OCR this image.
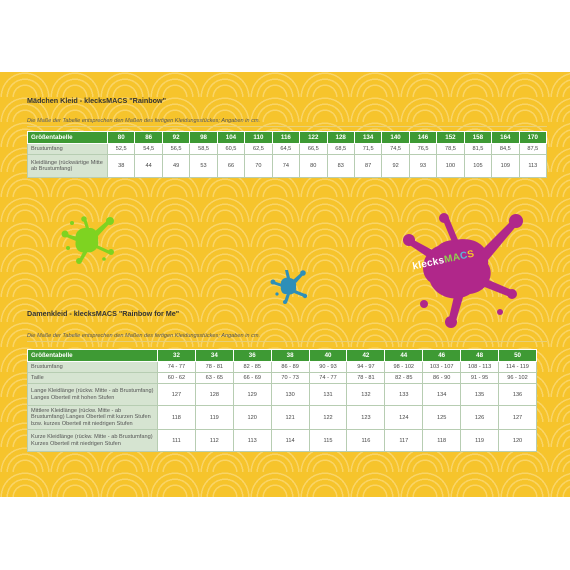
Mädchen Kleid - klecksMACS "Rainbow"
Die Maße der Tabelle entsprechen den Maßen des fertigen Kleidungsstückes; Angaben in cm.
Größentabelle	80	86	92	98	104	110	116	122	128	134	140	146	152	158	164	170
Brustumfang	52,5	54,5	56,5	58,5	60,5	62,5	64,5	66,5	68,5	71,5	74,5	76,5	78,5	81,5	84,5	87,5
Kleidlänge (rückwärtige Mitte ab Brustumfang)	38	44	49	53	66	70	74	80	83	87	92	93	100	105	109	113
klecksMACS
Damenkleid - klecksMACS "Rainbow for Me"
Die Maße der Tabelle entsprechen den Maßen des fertigen Kleidungsstückes; Angaben in cm.
Größentabelle	32	34	36	38	40	42	44	46	48	50
Brustumfang	74 - 77	78 - 81	82 - 85	86 - 89	90 - 93	94 - 97	98 - 102	103 - 107	108 - 113	114 - 119
Taille	60 - 62	63 - 65	66 - 69	70 - 73	74 - 77	78 - 81	82 - 85	86 - 90	91 - 95	96 - 102
Lange Kleidlänge (rückw. Mitte - ab Brustumfang) Langes Oberteil mit hohen Stufen	127	128	129	130	131	132	133	134	135	136
Mittlere Kleidlänge (rückw. Mitte - ab Brustumfang) Langes Oberteil mit kurzen Stufen bzw. kurzes Oberteil mit niedrigen Stufen	118	119	120	121	122	123	124	125	126	127
Kurze Kleidlänge (rückw. Mitte - ab Brustumfang) Kurzes Oberteil mit niedrigen Stufen	111	112	113	114	115	116	117	118	119	120
